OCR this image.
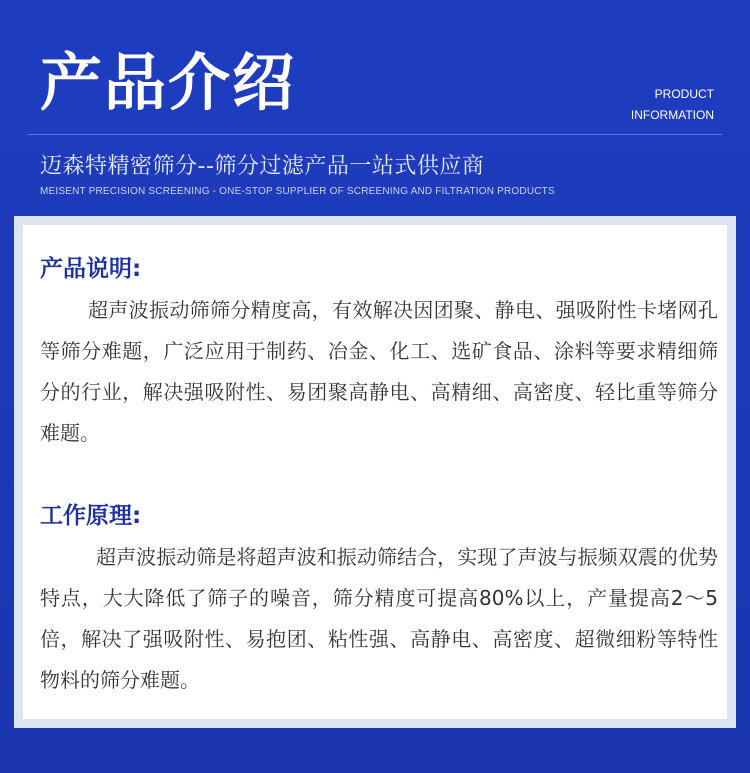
产品介绍	PRODUCT
INFORMATION
迈森特精密筛分--筛分过滤产品一站式供应商
MEISENT PRECISION SCREENING - ONE-STOP SUPPLIER OF SCREENING AND FILTRATION PRODUCTS
产品说明:

超声波振动筛筛分精度高，有效解决因团聚、静电、强吸附性卡堵网孔等筛分难题，广泛应用于制药、冶金、化工、选矿食品、涂料等要求精细筛分的行业，解决强吸附性、易团聚高静电、高精细、高密度、轻比重等筛分难题。

工作原理:

超声波振动筛是将超声波和振动筛结合，实现了声波与振频双震的优势特点，大大降低了筛子的噪音，筛分精度可提高80%以上，产量提高2～5倍，解决了强吸附性、易抱团、粘性强、高静电、高密度、超微细粉等特性物料的筛分难题。
